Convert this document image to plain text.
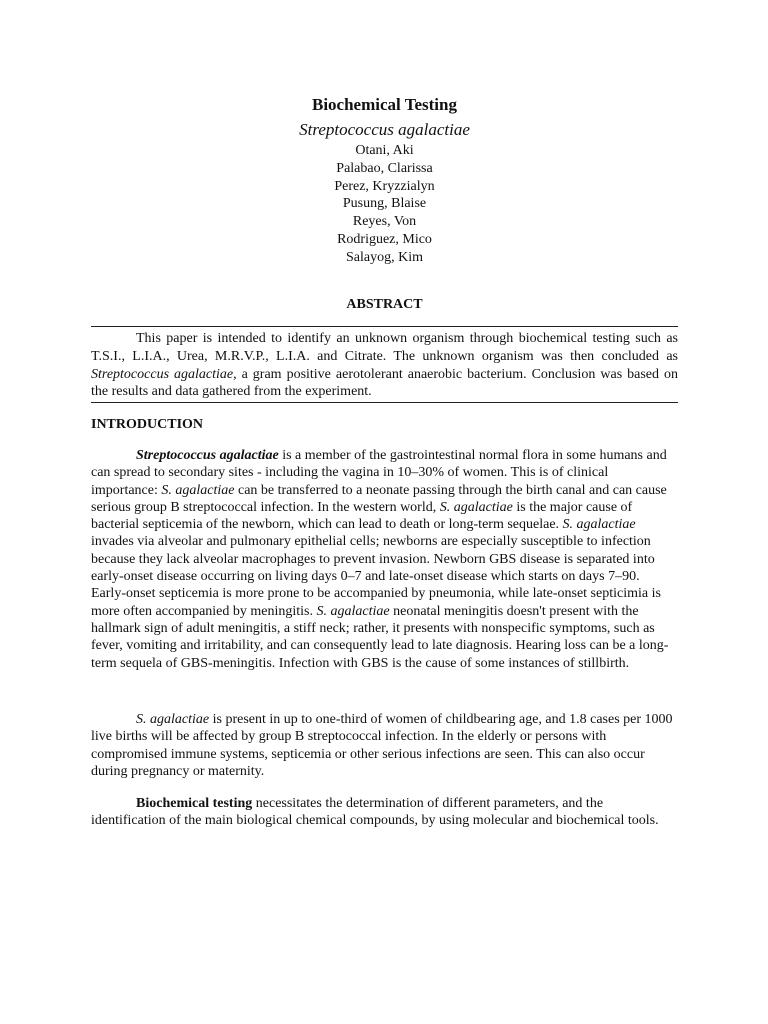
Biochemical Testing
Streptococcus agalactiae
Otani, Aki
Palabao, Clarissa
Perez, Kryzzialyn
Pusung, Blaise
Reyes, Von
Rodriguez, Mico
Salayog, Kim
ABSTRACT

This paper is intended to identify an unknown organism through biochemical testing such as T.S.I., L.I.A., Urea, M.R.V.P., L.I.A. and Citrate. The unknown organism was then concluded as Streptococcus agalactiae, a gram positive aerotolerant anaerobic bacterium. Conclusion was based on the results and data gathered from the experiment.

INTRODUCTION

Streptococcus agalactiae is a member of the gastrointestinal normal flora in some humans and can spread to secondary sites - including the vagina in 10–30% of women. This is of clinical importance: S. agalactiae can be transferred to a neonate passing through the birth canal and can cause serious group B streptococcal infection. In the western world, S. agalactiae is the major cause of bacterial septicemia of the newborn, which can lead to death or long-term sequelae. S. agalactiae invades via alveolar and pulmonary epithelial cells; newborns are especially susceptible to infection because they lack alveolar macrophages to prevent invasion. Newborn GBS disease is separated into early-onset disease occurring on living days 0–7 and late-onset disease which starts on days 7–90. Early-onset septicemia is more prone to be accompanied by pneumonia, while late-onset septicimia is more often accompanied by meningitis. S. agalactiae neonatal meningitis doesn't present with the hallmark sign of adult meningitis, a stiff neck; rather, it presents with nonspecific symptoms, such as fever, vomiting and irritability, and can consequently lead to late diagnosis. Hearing loss can be a long-term sequela of GBS-meningitis. Infection with GBS is the cause of some instances of stillbirth.

S. agalactiae is present in up to one-third of women of childbearing age, and 1.8 cases per 1000 live births will be affected by group B streptococcal infection. In the elderly or persons with compromised immune systems, septicemia or other serious infections are seen. This can also occur during pregnancy or maternity.

Biochemical testing necessitates the determination of different parameters, and the identification of the main biological chemical compounds, by using molecular and biochemical tools.
